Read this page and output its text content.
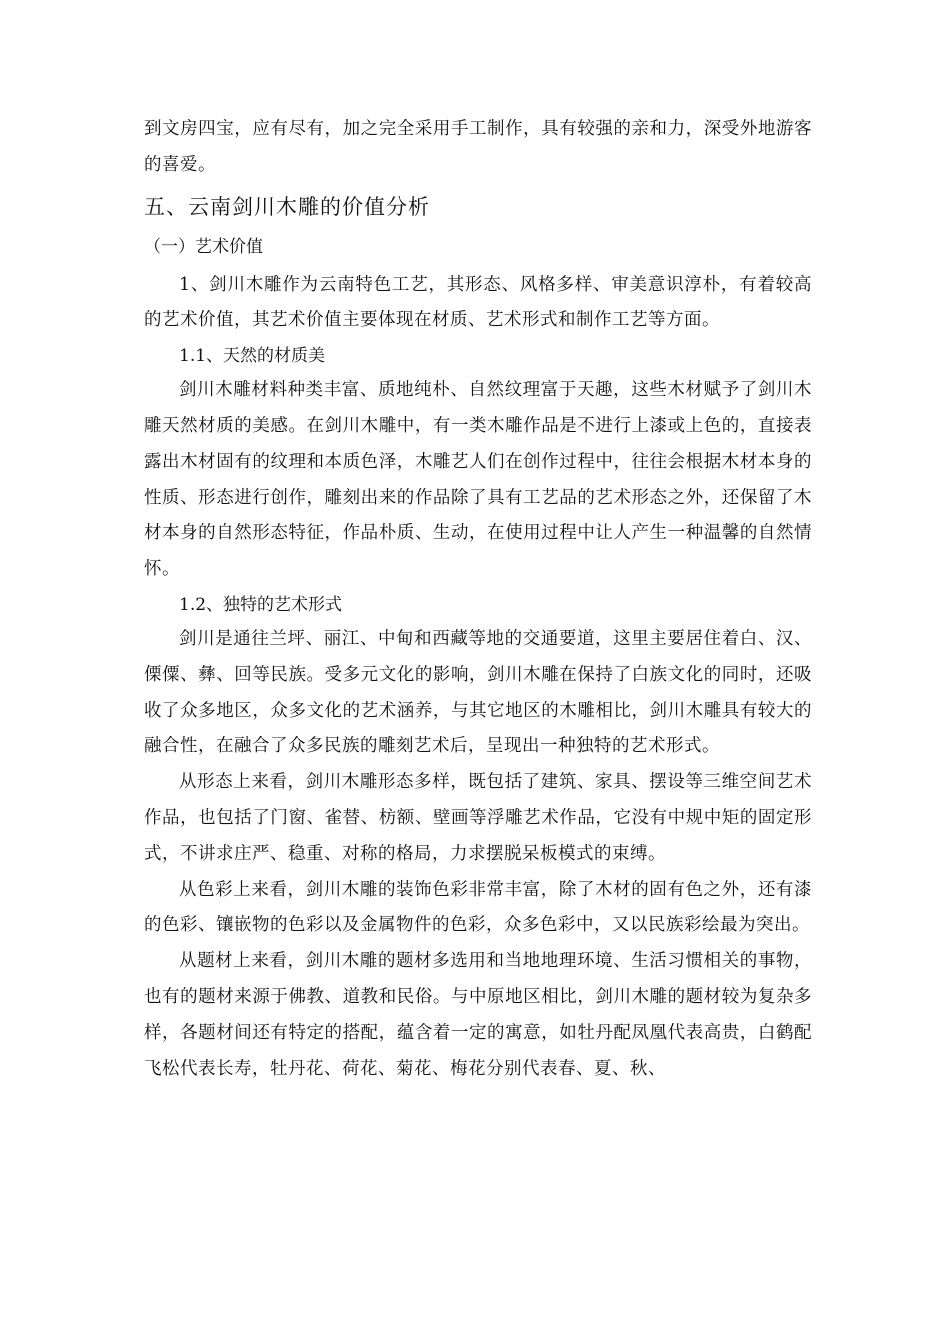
到文房四宝，应有尽有，加之完全采用手工制作，具有较强的亲和力，深受外地游客的喜爱。

五、云南剑川木雕的价值分析
（一）艺术价值

1、剑川木雕作为云南特色工艺，其形态、风格多样、审美意识淳朴，有着较高的艺术价值，其艺术价值主要体现在材质、艺术形式和制作工艺等方面。

1.1、天然的材质美

剑川木雕材料种类丰富、质地纯朴、自然纹理富于天趣，这些木材赋予了剑川木雕天然材质的美感。在剑川木雕中，有一类木雕作品是不进行上漆或上色的，直接表露出木材固有的纹理和本质色泽，木雕艺人们在创作过程中，往往会根据木材本身的性质、形态进行创作，雕刻出来的作品除了具有工艺品的艺术形态之外，还保留了木材本身的自然形态特征，作品朴质、生动，在使用过程中让人产生一种温馨的自然情怀。

1.2、独特的艺术形式

剑川是通往兰坪、丽江、中甸和西藏等地的交通要道，这里主要居住着白、汉、傈僳、彝、回等民族。受多元文化的影响，剑川木雕在保持了白族文化的同时，还吸收了众多地区，众多文化的艺术涵养，与其它地区的木雕相比，剑川木雕具有较大的融合性，在融合了众多民族的雕刻艺术后，呈现出一种独特的艺术形式。

从形态上来看，剑川木雕形态多样，既包括了建筑、家具、摆设等三维空间艺术作品，也包括了门窗、雀替、枋额、壁画等浮雕艺术作品，它没有中规中矩的固定形式，不讲求庄严、稳重、对称的格局，力求摆脱呆板模式的束缚。

从色彩上来看，剑川木雕的装饰色彩非常丰富，除了木材的固有色之外，还有漆的色彩、镶嵌物的色彩以及金属物件的色彩，众多色彩中，又以民族彩绘最为突出。

从题材上来看，剑川木雕的题材多选用和当地地理环境、生活习惯相关的事物，也有的题材来源于佛教、道教和民俗。与中原地区相比，剑川木雕的题材较为复杂多样，各题材间还有特定的搭配，蕴含着一定的寓意，如牡丹配凤凰代表高贵，白鹤配飞松代表长寿，牡丹花、荷花、菊花、梅花分别代表春、夏、秋、
